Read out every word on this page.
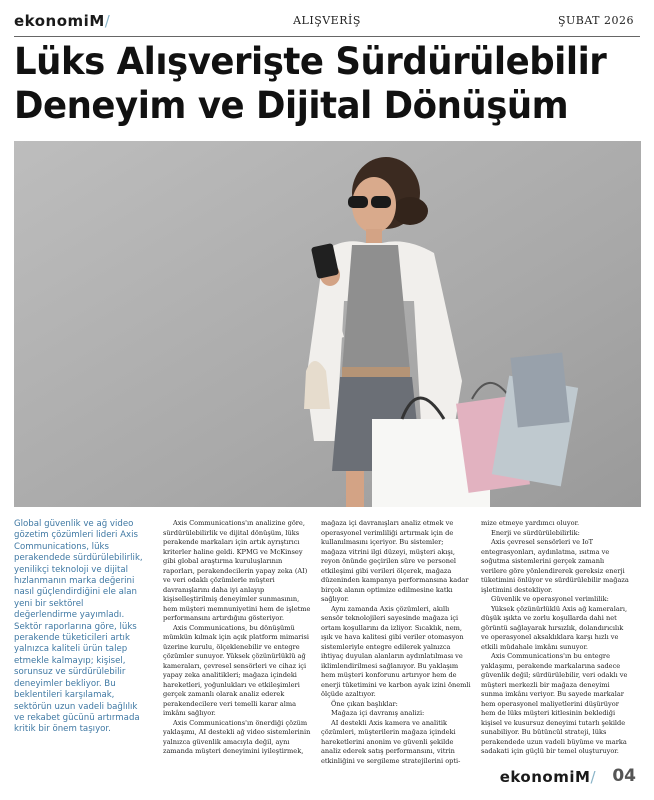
ekonomiM/	ALIŞVERİŞ	ŞUBAT 2026
Lüks Alışverişte Sürdürülebilir Deneyim ve Dijital Dönüşüm

Global güvenlik ve ağ video gözetim çözümleri lideri Axis Communications, lüks perakendede sürdürülebilirlik, yenilikçi teknoloji ve dijital hızlanmanın marka değerini nasıl güçlendirdiğini ele alan yeni bir sektörel değerlendirme yayımladı. Sektör raporlarına göre, lüks perakende tüketicileri artık yalnızca kaliteli ürün talep etmekle kalmayıp; kişisel, sorunsuz ve sürdürülebilir deneyimler bekliyor. Bu beklentileri karşılamak, sektörün uzun vadeli bağlılık ve rekabet gücünü artırmada kritik bir önem taşıyor.

Axis Communications'ın analizine göre, sürdürülebilirlik ve dijital dönüşüm, lüks perakende markaları için artık ayrıştırıcı kriterler haline geldi. KPMG ve McKinsey gibi global araştırma kuruluşlarının raporları, perakendecilerin yapay zeka (AI) ve veri odaklı çözümlerle müşteri davranışlarını daha iyi anlayıp kişiselleştirilmiş deneyimler sunmasının, hem müşteri memnuniyetini hem de işletme performansını artırdığını gösteriyor.

Axis Communications, bu dönüşümü mümkün kılmak için açık platform mimarisi üzerine kurulu, ölçeklenebilir ve entegre çözümler sunuyor. Yüksek çözünürlüklü ağ kameraları, çevresel sensörleri ve cihaz içi yapay zeka analitikleri; mağaza içindeki hareketleri, yoğunlukları ve etkileşimleri gerçek zamanlı olarak analiz ederek perakendecilere veri temelli karar alma imkânı sağlıyor.

Axis Communications'ın önerdiği çözüm yaklaşımı, AI destekli ağ video sistemlerinin yalnızca güvenlik amacıyla değil, aynı zamanda müşteri deneyimini iyileştirmek,

mağaza içi davranışları analiz etmek ve operasyonel verimliliği artırmak için de kullanılmasını içeriyor. Bu sistemler; mağaza vitrini ilgi düzeyi, müşteri akışı, reyon önünde geçirilen süre ve personel etkileşimi gibi verileri ölçerek, mağaza düzeninden kampanya performansına kadar birçok alanın optimize edilmesine katkı sağlıyor.

Aynı zamanda Axis çözümleri, akıllı sensör teknolojileri sayesinde mağaza içi ortam koşullarını da izliyor. Sıcaklık, nem, ışık ve hava kalitesi gibi veriler otomasyon sistemleriyle entegre edilerek yalnızca ihtiyaç duyulan alanların aydınlatılması ve iklimlendirilmesi sağlanıyor. Bu yaklaşım hem müşteri konforunu artırıyor hem de enerji tüketimini ve karbon ayak izini önemli ölçüde azaltıyor.

Öne çıkan başlıklar:

Mağaza içi davranış analizi:

AI destekli Axis kamera ve analitik çözümleri, müşterilerin mağaza içindeki hareketlerini anonim ve güvenli şekilde analiz ederek satış performansını, vitrin etkinliğini ve sergileme stratejilerini opti-

mize etmeye yardımcı oluyor.

Enerji ve sürdürülebilirlik:

Axis çevresel sensörleri ve IoT entegrasyonları, aydınlatma, ısıtma ve soğutma sistemlerini gerçek zamanlı verilere göre yönlendirerek gereksiz enerji tüketimini önlüyor ve sürdürülebilir mağaza işletimini destekliyor.

Güvenlik ve operasyonel verimlilik:

Yüksek çözünürlüklü Axis ağ kameraları, düşük ışıkta ve zorlu koşullarda dahi net görüntü sağlayarak hırsızlık, dolandırıcılık ve operasyonel aksaklıklara karşı hızlı ve etkili müdahale imkânı sunuyor.

Axis Communications'ın bu entegre yaklaşımı, perakende markalarına sadece güvenlik değil; sürdürülebilir, veri odaklı ve müşteri merkezli bir mağaza deneyimi sunma imkânı veriyor. Bu sayede markalar hem operasyonel maliyetlerini düşürüyor hem de lüks müşteri kitlesinin beklediği kişisel ve kusursuz deneyimi tutarlı şekilde sunabiliyor. Bu bütüncül strateji, lüks perakendede uzun vadeli büyüme ve marka sadakati için güçlü bir temel oluşturuyor.

ekonomiM/ 04
